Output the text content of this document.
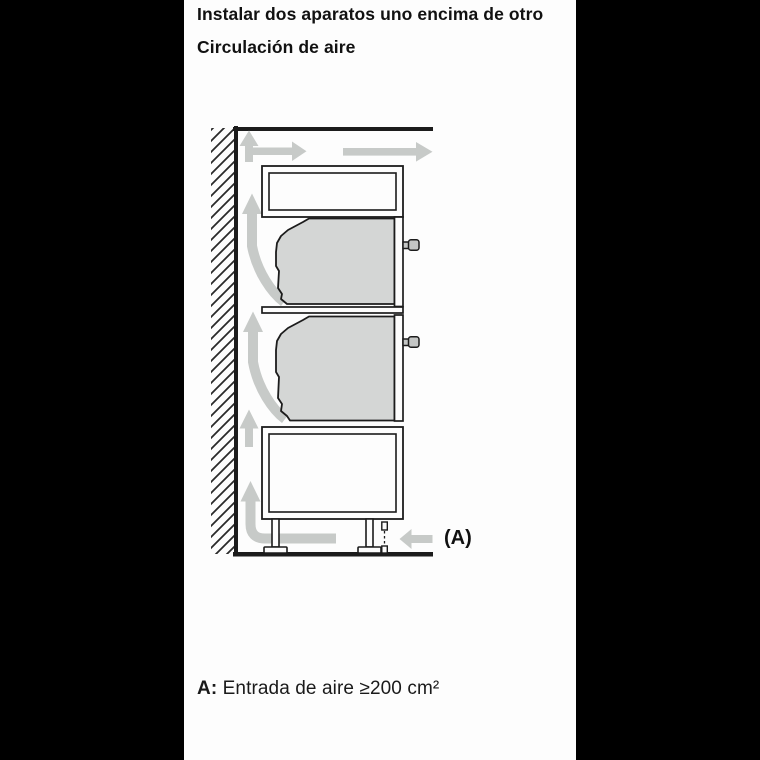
Instalar dos aparatos uno encima de otro
Circulación de aire
(A)
A: Entrada de aire ≥200 cm²
